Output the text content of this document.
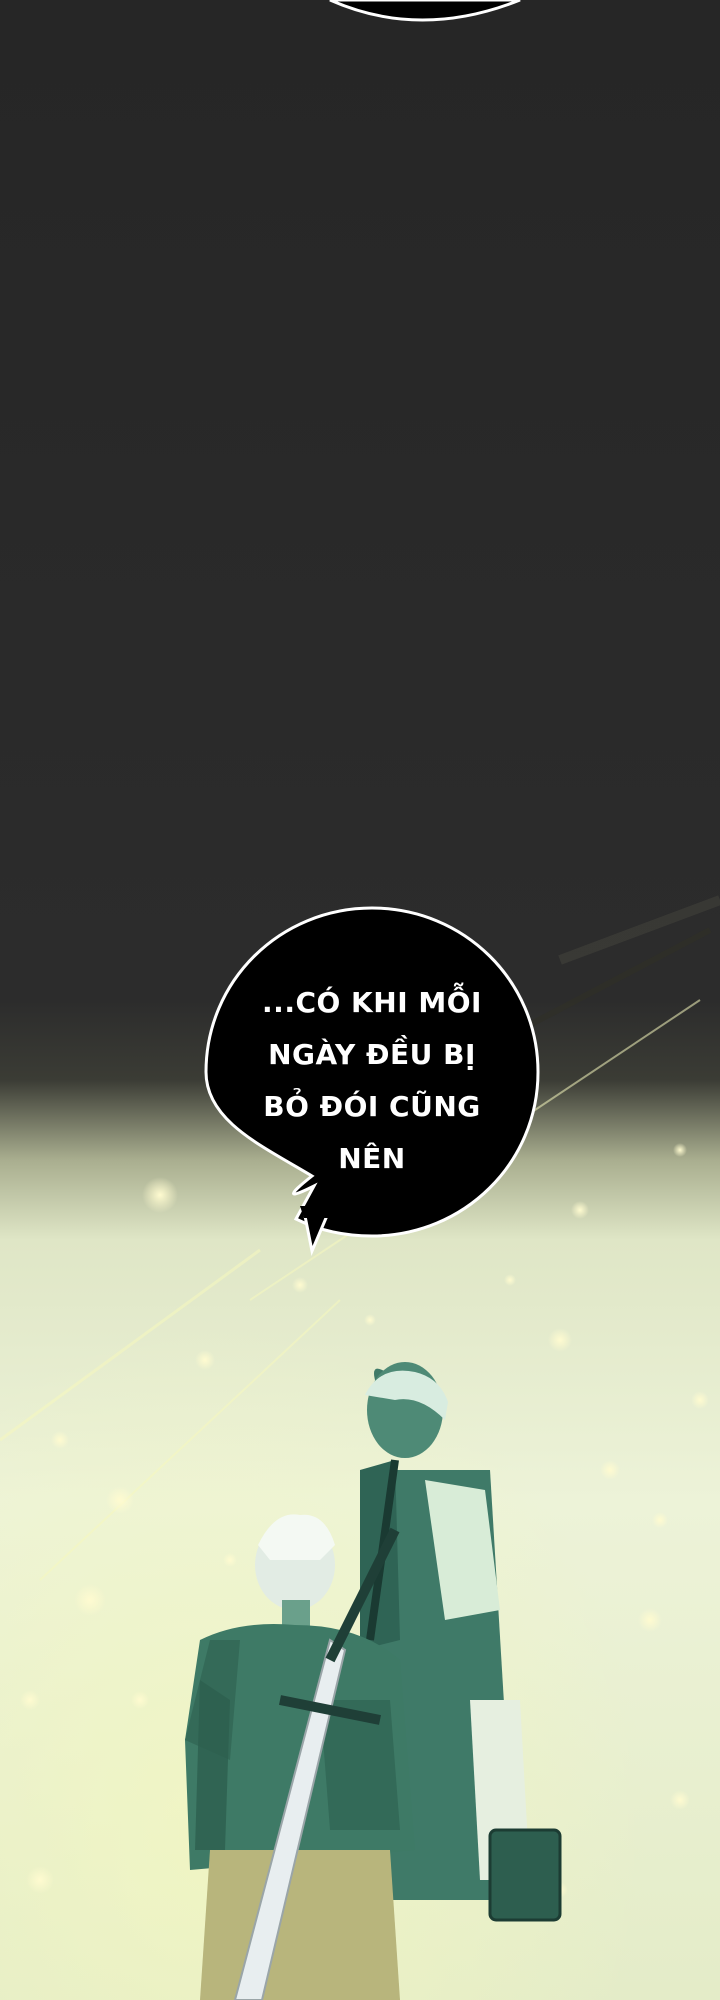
...CÓ KHI MỖI
NGÀY ĐỀU BỊ
BỎ ĐÓI CŨNG
NÊN
